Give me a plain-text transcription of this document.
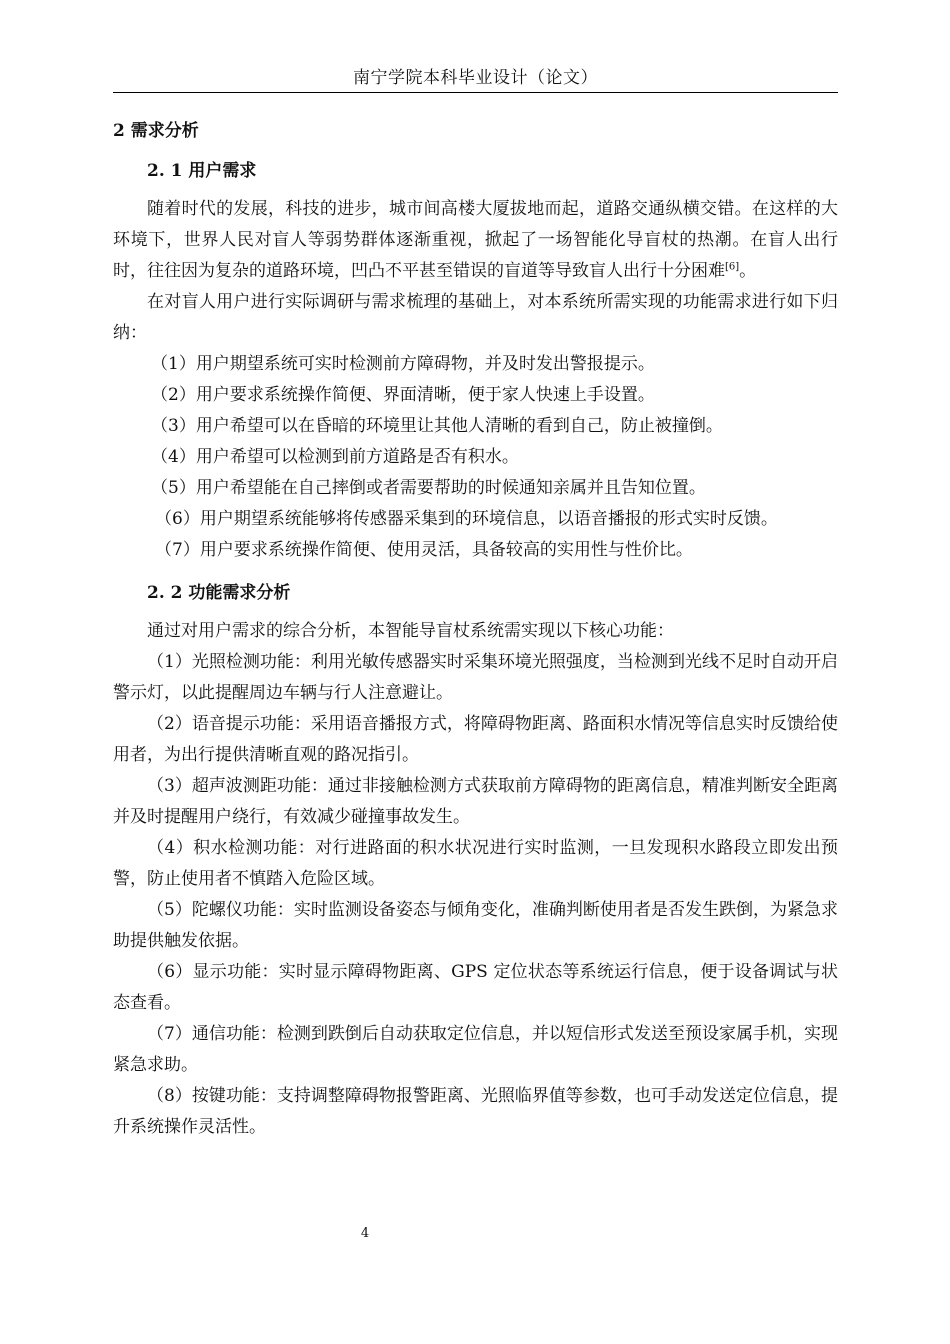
南宁学院本科毕业设计（论文）
2 需求分析
2. 1 用户需求

随着时代的发展，科技的进步，城市间高楼大厦拔地而起，道路交通纵横交错。在这样的大环境下，世界人民对盲人等弱势群体逐渐重视，掀起了一场智能化导盲杖的热潮。在盲人出行时，往往因为复杂的道路环境，凹凸不平甚至错误的盲道等导致盲人出行十分困难[6]。

在对盲人用户进行实际调研与需求梳理的基础上，对本系统所需实现的功能需求进行如下归纳：

（1）用户期望系统可实时检测前方障碍物，并及时发出警报提示。
（2）用户要求系统操作简便、界面清晰，便于家人快速上手设置。
（3）用户希望可以在昏暗的环境里让其他人清晰的看到自己，防止被撞倒。
（4）用户希望可以检测到前方道路是否有积水。
（5）用户希望能在自己摔倒或者需要帮助的时候通知亲属并且告知位置。
（6）用户期望系统能够将传感器采集到的环境信息，以语音播报的形式实时反馈。
（7）用户要求系统操作简便、使用灵活，具备较高的实用性与性价比。
2. 2 功能需求分析

通过对用户需求的综合分析，本智能导盲杖系统需实现以下核心功能：

（1）光照检测功能：利用光敏传感器实时采集环境光照强度，当检测到光线不足时自动开启警示灯，以此提醒周边车辆与行人注意避让。

（2）语音提示功能：采用语音播报方式，将障碍物距离、路面积水情况等信息实时反馈给使用者，为出行提供清晰直观的路况指引。

（3）超声波测距功能：通过非接触检测方式获取前方障碍物的距离信息，精准判断安全距离并及时提醒用户绕行，有效减少碰撞事故发生。

（4）积水检测功能：对行进路面的积水状况进行实时监测，一旦发现积水路段立即发出预警，防止使用者不慎踏入危险区域。

（5）陀螺仪功能：实时监测设备姿态与倾角变化，准确判断使用者是否发生跌倒，为紧急求助提供触发依据。

（6）显示功能：实时显示障碍物距离、GPS 定位状态等系统运行信息，便于设备调试与状态查看。

（7）通信功能：检测到跌倒后自动获取定位信息，并以短信形式发送至预设家属手机，实现紧急求助。

（8）按键功能：支持调整障碍物报警距离、光照临界值等参数，也可手动发送定位信息，提升系统操作灵活性。

4
